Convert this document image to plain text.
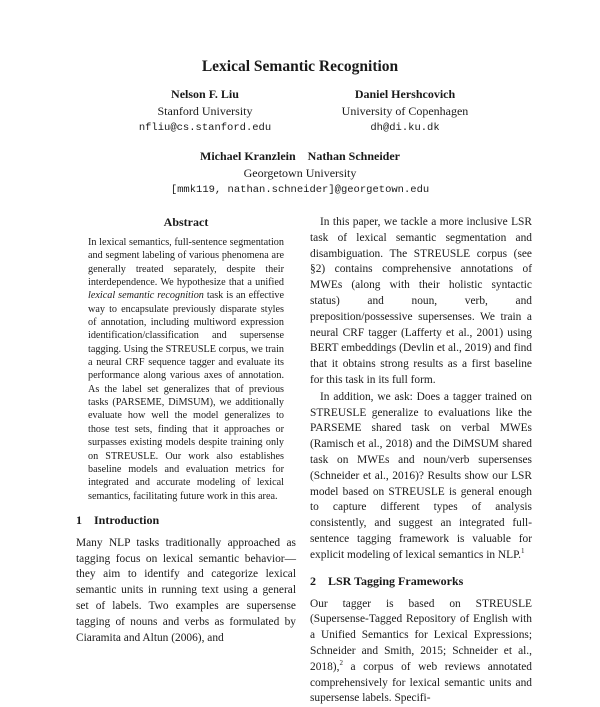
Lexical Semantic Recognition
Nelson F. Liu
Stanford University
nfliu@cs.stanford.edu
Daniel Hershcovich
University of Copenhagen
dh@di.ku.dk
Michael Kranzlein Nathan Schneider
Georgetown University
[mmk119, nathan.schneider]@georgetown.edu
Abstract

In lexical semantics, full-sentence segmentation and segment labeling of various phenomena are generally treated separately, despite their interdependence. We hypothesize that a unified lexical semantic recognition task is an effective way to encapsulate previously disparate styles of annotation, including multiword expression identification/classification and supersense tagging. Using the STREUSLE corpus, we train a neural CRF sequence tagger and evaluate its performance along various axes of annotation. As the label set generalizes that of previous tasks (PARSEME, DiMSUM), we additionally evaluate how well the model generalizes to those test sets, finding that it approaches or surpasses existing models despite training only on STREUSLE. Our work also establishes baseline models and evaluation metrics for integrated and accurate modeling of lexical semantics, facilitating future work in this area.

1 Introduction

Many NLP tasks traditionally approached as tagging focus on lexical semantic behavior—they aim to identify and categorize lexical semantic units in running text using a general set of labels. Two examples are supersense tagging of nouns and verbs as formulated by Ciaramita and Altun (2006), and

In this paper, we tackle a more inclusive LSR task of lexical semantic segmentation and disambiguation. The STREUSLE corpus (see §2) contains comprehensive annotations of MWEs (along with their holistic syntactic status) and noun, verb, and preposition/possessive supersenses. We train a neural CRF tagger (Lafferty et al., 2001) using BERT embeddings (Devlin et al., 2019) and find that it obtains strong results as a first baseline for this task in its full form.

In addition, we ask: Does a tagger trained on STREUSLE generalize to evaluations like the PARSEME shared task on verbal MWEs (Ramisch et al., 2018) and the DiMSUM shared task on MWEs and noun/verb supersenses (Schneider et al., 2016)? Results show our LSR model based on STREUSLE is general enough to capture different types of analysis consistently, and suggest an integrated full-sentence tagging framework is valuable for explicit modeling of lexical semantics in NLP.$^1$

2 LSR Tagging Frameworks

Our tagger is based on STREUSLE (Supersense-Tagged Repository of English with a Unified Semantics for Lexical Expressions; Schneider and Smith, 2015; Schneider et al., 2018),$^2$ a corpus of web reviews annotated comprehensively for lexical semantic units and supersense labels. Specifi-
